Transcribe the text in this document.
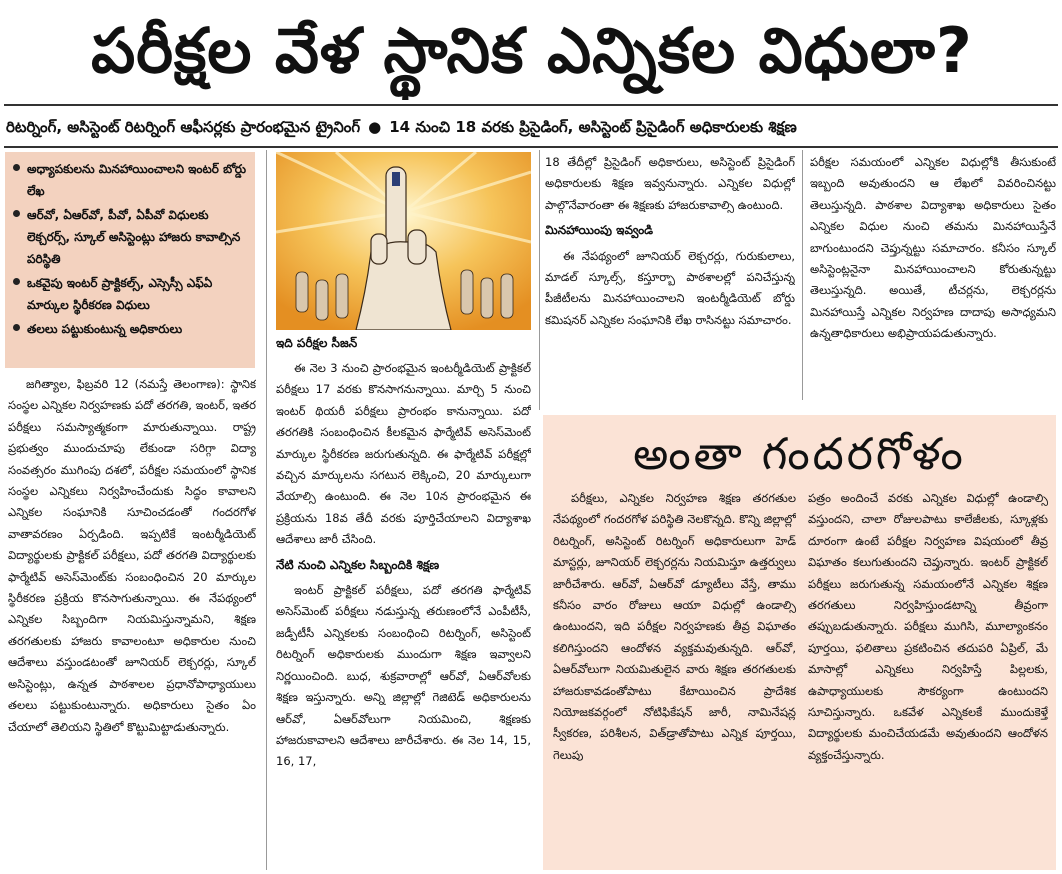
పరీక్షల వేళ స్థానిక ఎన్నికల విధులా?
రిటర్నింగ్‌, అసిస్టెంట్‌ రిటర్నింగ్‌ ఆఫీసర్లకు ప్రారంభమైన ట్రైనింగ్‌ ● 14 నుంచి 18 వరకు ప్రిసైడింగ్‌, అసిస్టెంట్‌ ప్రిసైడింగ్‌ అధికారులకు శిక్షణ
అధ్యాపకులను మినహాయించాలని ఇంటర్‌ బోర్డు లేఖ
ఆర్‌వో, ఏఆర్‌వో, పీవో, ఏపీవో విధులకు లెక్చరర్స్‌, స్కూల్‌ అసిస్టెంట్లు హాజరు కావాల్సిన పరిస్థితి
ఒకవైపు ఇంటర్‌ ప్రాక్టికల్స్‌, ఎస్సెస్సీ ఎఫ్‌ఏ మార్కుల స్థిరీకరణ విధులు
తలలు పట్టుకుంటున్న అధికారులు

జగిత్యాల, ఫిబ్రవరి 12 (నమస్తే తెలంగాణ): స్థానిక సంస్థల ఎన్నికల నిర్వహణకు పదో తరగతి, ఇంటర్‌, ఇతర పరీక్షలు సమస్యాత్మకంగా మారుతున్నాయి. రాష్ట్ర ప్రభుత్వం ముందుచూపు లేకుండా సరిగ్గా విద్యా సంవత్సరం ముగింపు దశలో, పరీక్షల సమయంలో స్థానిక సంస్థల ఎన్నికలు నిర్వహించేందుకు సిద్ధం కావాలని ఎన్నికల సంఘానికి సూచించడంతో గందరగోళ వాతావరణం ఏర్పడింది. ఇప్పటికే ఇంటర్మీడియెట్‌ విద్యార్థులకు ప్రాక్టికల్‌ పరీక్షలు, పదో తరగతి విద్యార్థులకు ఫార్మేటివ్‌ అసెస్‌మెంట్‌కు సంబంధించిన 20 మార్కుల స్థిరీకరణ ప్రక్రియ కొనసాగుతున్నాయి. ఈ నేపథ్యంలో ఎన్నికల సిబ్బందిగా నియమిస్తున్నామని, శిక్షణ తరగతులకు హాజరు కావాలంటూ అధికారుల నుంచి ఆదేశాలు వస్తుండటంతో జూనియర్‌ లెక్చరర్లు, స్కూల్‌ అసిస్టెంట్లు, ఉన్నత పాఠశాలల ప్రధానోపాధ్యాయులు తలలు పట్టుకుంటున్నారు. అధికారులు సైతం ఏం చేయాలో తెలియని స్థితిలో కొట్టుమిట్టాడుతున్నారు.

ఇది పరీక్షల సీజన్‌

ఈ నెల 3 నుంచి ప్రారంభమైన ఇంటర్మీడియెట్‌ ప్రాక్టికల్‌ పరీక్షలు 17 వరకు కొనసాగనున్నాయి. మార్చి 5 నుంచి ఇంటర్‌ థియరీ పరీక్షలు ప్రారంభం కానున్నాయి. పదో తరగతికి సంబంధించిన కీలకమైన ఫార్మేటివ్‌ అసెస్‌మెంట్‌ మార్కుల స్థిరీకరణ జరుగుతున్నది. ఈ ఫార్మేటివ్‌ పరీక్షల్లో వచ్చిన మార్కులను సగటున లెక్కించి, 20 మార్కులుగా వేయాల్సి ఉంటుంది. ఈ నెల 10న ప్రారంభమైన ఈ ప్రక్రియను 18వ తేదీ వరకు పూర్తిచేయాలని విద్యాశాఖ ఆదేశాలు జారీ చేసింది.

నేటి నుంచి ఎన్నికల సిబ్బందికి శిక్షణ

ఇంటర్‌ ప్రాక్టికల్‌ పరీక్షలు, పదో తరగతి ఫార్మేటివ్‌ అసెస్‌మెంట్‌ పరీక్షలు నడుస్తున్న తరుణంలోనే ఎంపీటీసీ, జడ్పీటీసీ ఎన్నికలకు సంబంధించి రిటర్నింగ్‌, అసిస్టెంట్‌ రిటర్నింగ్‌ అధికారులకు ముందుగా శిక్షణ ఇవ్వాలని నిర్ణయించింది. బుధ, శుక్రవారాల్లో ఆర్‌వో, ఏఆర్‌వోలకు శిక్షణ ఇస్తున్నారు. అన్ని జిల్లాల్లో గెజిటెడ్‌ అధికారులను ఆర్‌వో, ఏఆర్‌వోలుగా నియమించి, శిక్షణకు హాజరుకావాలని ఆదేశాలు జారీచేశారు. ఈ నెల 14, 15, 16, 17,

18 తేదీల్లో ప్రిసైడింగ్‌ అధికారులు, అసిస్టెంట్‌ ప్రిసైడింగ్‌ అధికారులకు శిక్షణ ఇవ్వనున్నారు. ఎన్నికల విధుల్లో పాల్గొనేవారంతా ఈ శిక్షణకు హాజరుకావాల్సి ఉంటుంది.

మినహాయింపు ఇవ్వండి

ఈ నేపథ్యంలో జూనియర్‌ లెక్చరర్లు, గురుకులాలు, మాడల్‌ స్కూల్స్‌, కస్తూర్బా పాఠశాలల్లో పనిచేస్తున్న పీజీటీలను మినహాయించాలని ఇంటర్మీడియెట్‌ బోర్డు కమిషనర్‌ ఎన్నికల సంఘానికి లేఖ రాసినట్టు సమాచారం.

పరీక్షల సమయంలో ఎన్నికల విధుల్లోకి తీసుకుంటే ఇబ్బంది అవుతుందని ఆ లేఖలో వివరించినట్టు తెలుస్తున్నది. పాఠశాల విద్యాశాఖ అధికారులు సైతం ఎన్నికల విధుల నుంచి తమను మినహాయిస్తేనే బాగుంటుందని చెప్తున్నట్టు సమాచారం. కనీసం స్కూల్‌ అసిస్టెంట్లనైనా మినహాయించాలని కోరుతున్నట్టు తెలుస్తున్నది. అయితే, టీచర్లను, లెక్చరర్లను మినహాయిస్తే ఎన్నికల నిర్వహణ దాదాపు అసాధ్యమని ఉన్నతాధికారులు అభిప్రాయపడుతున్నారు.

అంతా గందరగోళం

పరీక్షలు, ఎన్నికల నిర్వహణ శిక్షణ తరగతుల నేపథ్యంలో గందరగోళ పరిస్థితి నెలకొన్నది. కొన్ని జిల్లాల్లో రిటర్నింగ్‌, అసిస్టెంట్‌ రిటర్నింగ్‌ అధికారులుగా హెడ్‌ మాస్టర్లు, జూనియర్‌ లెక్చరర్లను నియమిస్తూ ఉత్తర్వులు జారీచేశారు. ఆర్‌వో, ఏఆర్‌వో డ్యూటీలు వేస్తే, తాము కనీసం వారం రోజులు ఆయా విధుల్లో ఉండాల్సి ఉంటుందని, ఇది పరీక్షల నిర్వహణకు తీవ్ర విఘాతం కలిగిస్తుందని ఆందోళన వ్యక్తమవుతున్నది. ఆర్‌వో, ఏఆర్‌వోలుగా నియమితులైన వారు శిక్షణ తరగతులకు హాజరుకావడంతోపాటు కేటాయించిన ప్రాదేశిక నియోజకవర్గంలో నోటిఫికేషన్‌ జారీ, నామినేషన్ల స్వీకరణ, పరిశీలన, విత్‌డ్రాతోపాటు ఎన్నిక పూర్తయి, గెలుపు

పత్రం అందించే వరకు ఎన్నికల విధుల్లో ఉండాల్సి వస్తుందని, చాలా రోజులపాటు కాలేజీలకు, స్కూళ్లకు దూరంగా ఉంటే పరీక్షల నిర్వహణ విషయంలో తీవ్ర విఘాతం కలుగుతుందని చెప్తున్నారు. ఇంటర్‌ ప్రాక్టికల్‌ పరీక్షలు జరుగుతున్న సమయంలోనే ఎన్నికల శిక్షణ తరగతులు నిర్వహిస్తుండటాన్ని తీవ్రంగా తప్పుబడుతున్నారు. పరీక్షలు ముగిసి, మూల్యాంకనం పూర్తయి, ఫలితాలు ప్రకటించిన తదుపరి ఏప్రిల్‌, మే మాసాల్లో ఎన్నికలు నిర్వహిస్తే పిల్లలకు, ఉపాధ్యాయులకు సౌకర్యంగా ఉంటుందని సూచిస్తున్నారు. ఒకవేళ ఎన్నికలకే ముందుకెళ్తే విద్యార్థులకు మంచిచేయడమే అవుతుందని ఆందోళన వ్యక్తంచేస్తున్నారు.
